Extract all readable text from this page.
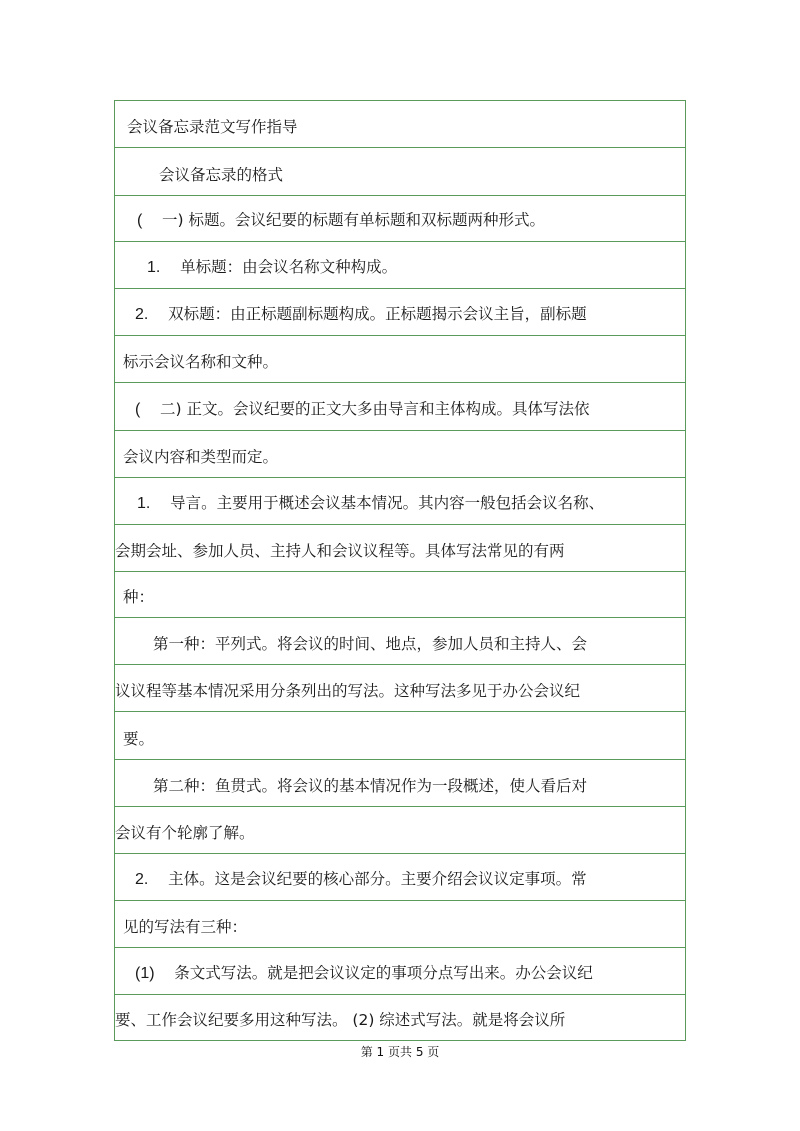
会议备忘录范文写作指导
会议备忘录的格式
( 一) 标题。会议纪要的标题有单标题和双标题两种形式。
1. 单标题：由会议名称文种构成。
2. 双标题：由正标题副标题构成。正标题揭示会议主旨，副标题
标示会议名称和文种。
( 二) 正文。会议纪要的正文大多由导言和主体构成。具体写法依
会议内容和类型而定。
1. 导言。主要用于概述会议基本情况。其内容一般包括会议名称、
会期会址、参加人员、主持人和会议议程等。具体写法常见的有两
种：
第一种：平列式。将会议的时间、地点，参加人员和主持人、会
议议程等基本情况采用分条列出的写法。这种写法多见于办公会议纪
要。
第二种：鱼贯式。将会议的基本情况作为一段概述，使人看后对
会议有个轮廓了解。
2. 主体。这是会议纪要的核心部分。主要介绍会议议定事项。常
见的写法有三种：
(1) 条文式写法。就是把会议议定的事项分点写出来。办公会议纪
要、工作会议纪要多用这种写法。 (2) 综述式写法。就是将会议所
第 1 页共 5 页
